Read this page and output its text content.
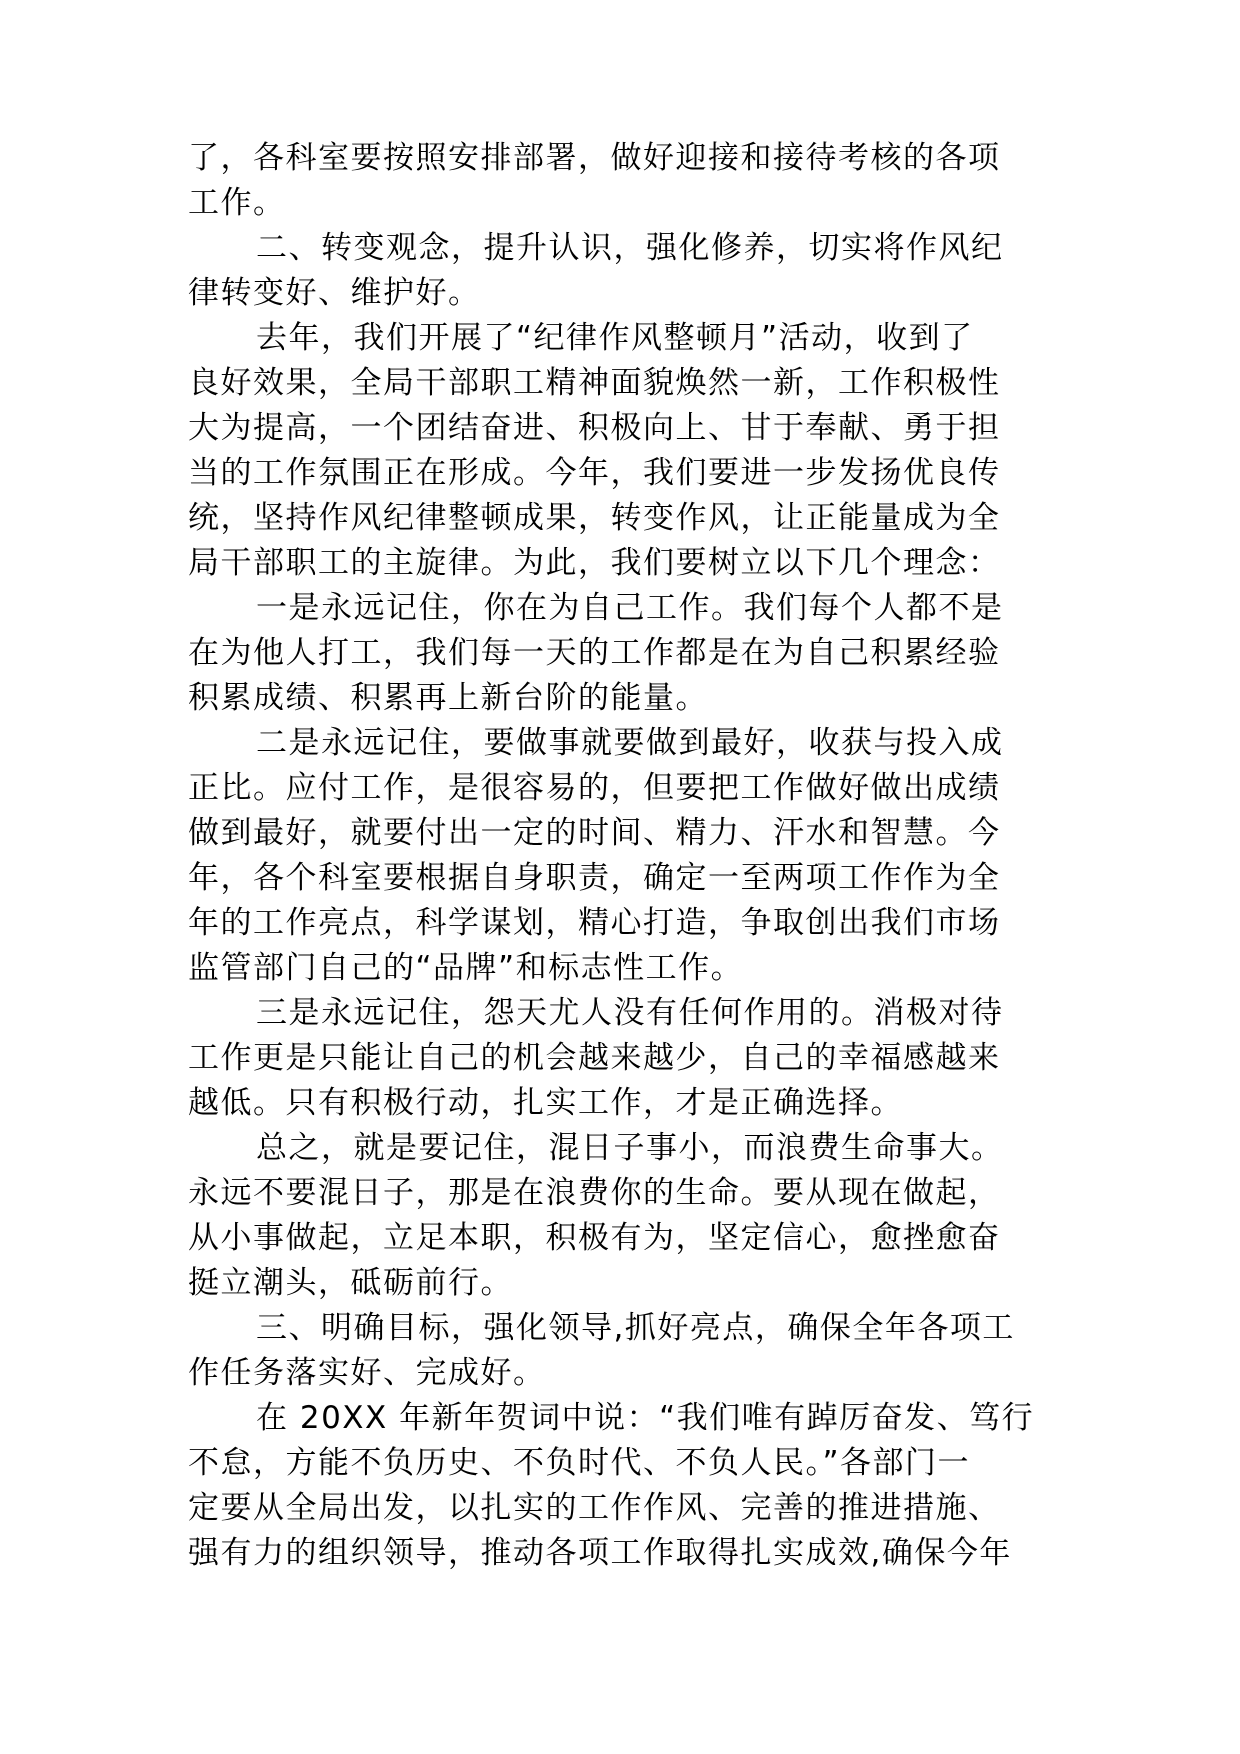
了，各科室要按照安排部署，做好迎接和接待考核的各项
工作。
二、转变观念，提升认识，强化修养，切实将作风纪
律转变好、维护好。
去年，我们开展了“纪律作风整顿月”活动，收到了
良好效果，全局干部职工精神面貌焕然一新，工作积极性
大为提高，一个团结奋进、积极向上、甘于奉献、勇于担
当的工作氛围正在形成。今年，我们要进一步发扬优良传
统，坚持作风纪律整顿成果，转变作风，让正能量成为全
局干部职工的主旋律。为此，我们要树立以下几个理念：
一是永远记住，你在为自己工作。我们每个人都不是
在为他人打工，我们每一天的工作都是在为自己积累经验
积累成绩、积累再上新台阶的能量。
二是永远记住，要做事就要做到最好，收获与投入成
正比。应付工作，是很容易的，但要把工作做好做出成绩
做到最好，就要付出一定的时间、精力、汗水和智慧。今
年，各个科室要根据自身职责，确定一至两项工作作为全
年的工作亮点，科学谋划，精心打造，争取创出我们市场
监管部门自己的“品牌”和标志性工作。
三是永远记住，怨天尤人没有任何作用的。消极对待
工作更是只能让自己的机会越来越少，自己的幸福感越来
越低。只有积极行动，扎实工作，才是正确选择。
总之，就是要记住，混日子事小，而浪费生命事大。
永远不要混日子，那是在浪费你的生命。要从现在做起，
从小事做起，立足本职，积极有为，坚定信心，愈挫愈奋
挺立潮头，砥砺前行。
三、明确目标，强化领导,抓好亮点，确保全年各项工
作任务落实好、完成好。
在 20XX 年新年贺词中说：“我们唯有踔厉奋发、笃行
不怠，方能不负历史、不负时代、不负人民。”各部门一
定要从全局出发，以扎实的工作作风、完善的推进措施、
强有力的组织领导，推动各项工作取得扎实成效,确保今年
